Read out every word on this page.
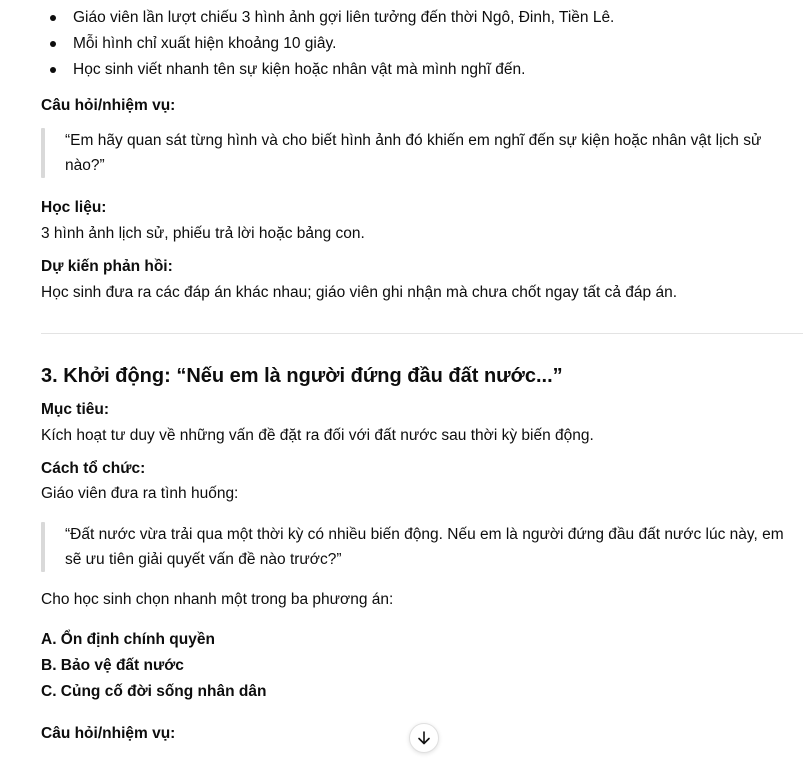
Giáo viên lần lượt chiếu 3 hình ảnh gợi liên tưởng đến thời Ngô, Đinh, Tiền Lê.
Mỗi hình chỉ xuất hiện khoảng 10 giây.
Học sinh viết nhanh tên sự kiện hoặc nhân vật mà mình nghĩ đến.
Câu hỏi/nhiệm vụ:
“Em hãy quan sát từng hình và cho biết hình ảnh đó khiến em nghĩ đến sự kiện hoặc nhân vật lịch sử
nào?”
Học liệu:
3 hình ảnh lịch sử, phiếu trả lời hoặc bảng con.
Dự kiến phản hồi:
Học sinh đưa ra các đáp án khác nhau; giáo viên ghi nhận mà chưa chốt ngay tất cả đáp án.
3. Khởi động: “Nếu em là người đứng đầu đất nước...”
Mục tiêu:
Kích hoạt tư duy về những vấn đề đặt ra đối với đất nước sau thời kỳ biến động.
Cách tổ chức:
Giáo viên đưa ra tình huống:
“Đất nước vừa trải qua một thời kỳ có nhiều biến động. Nếu em là người đứng đầu đất nước lúc này, em
sẽ ưu tiên giải quyết vấn đề nào trước?”
Cho học sinh chọn nhanh một trong ba phương án:
A. Ổn định chính quyền
B. Bảo vệ đất nước
C. Củng cố đời sống nhân dân
Câu hỏi/nhiệm vụ:
